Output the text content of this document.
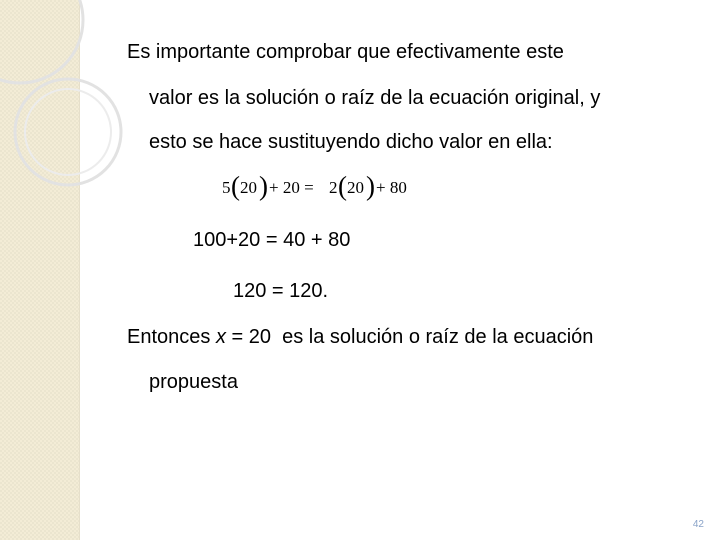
Es importante comprobar que efectivamente este
valor es la solución o raíz de la ecuación original, y
esto se hace sustituyendo dicho valor en ella:
5 ( 20 ) + 20 = 2 ( 20 ) + 80
100+20 = 40 + 80
120 = 120.
Entonces x = 20  es la solución o raíz de la ecuación
propuesta
42
